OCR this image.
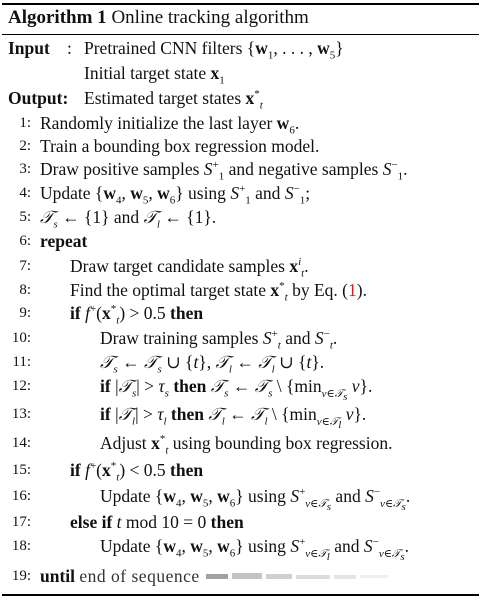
Algorithm 1 Online tracking algorithm
Input : Pretrained CNN filters {$w_1$, . . . , $w_5$}
Initial target state $x_1$
Output: Estimated target states $x^*_t$
1: Randomly initialize the last layer $w_6$.
2: Train a bounding box regression model.
3: Draw positive samples $S^+_1$ and negative samples $S^-_1$.
4: Update {$w_4$, $w_5$, $w_6$} using $S^+_1$ and $S^-_1$;
5: 𝒯$_s$ ← {1} and 𝒯$_l$ ← {1}.
6: repeat
7: Draw target candidate samples $x^i_t$.
8: Find the optimal target state $x^*_t$ by Eq. (1).
9: if $f^+(x^*_t) > 0.5$ then
10:	Draw training samples $S^+_t$ and $S^-_t$.
11:	𝒯$_s$ ← 𝒯$_s$ ∪ {t}, 𝒯$_l$ ← 𝒯$_l$ ∪ {t}.
12:	if |𝒯$_s$| > $\tau_s$ then 𝒯$_s$ ← 𝒯$_s$ \ {$\min_{v\in 𝒯_s}$ v}.
13:	if |𝒯$_l$| > $\tau_l$ then 𝒯$_l$ ← 𝒯$_l$ \ {$\min_{v\in 𝒯_l}$ v}.
14:	Adjust $x^*_t$ using bounding box regression.
15: if $f^+(x^*_t) < 0.5$ then
16:	Update {$w_4$, $w_5$, $w_6$} using $S^+_{v\in 𝒯_s}$ and $S^-_{v\in 𝒯_s}$.
17: else if t mod 10 = 0 then
18:	Update {$w_4$, $w_5$, $w_6$} using $S^+_{v\in 𝒯_l}$ and $S^-_{v\in 𝒯_s}$.
19: until end of sequence
